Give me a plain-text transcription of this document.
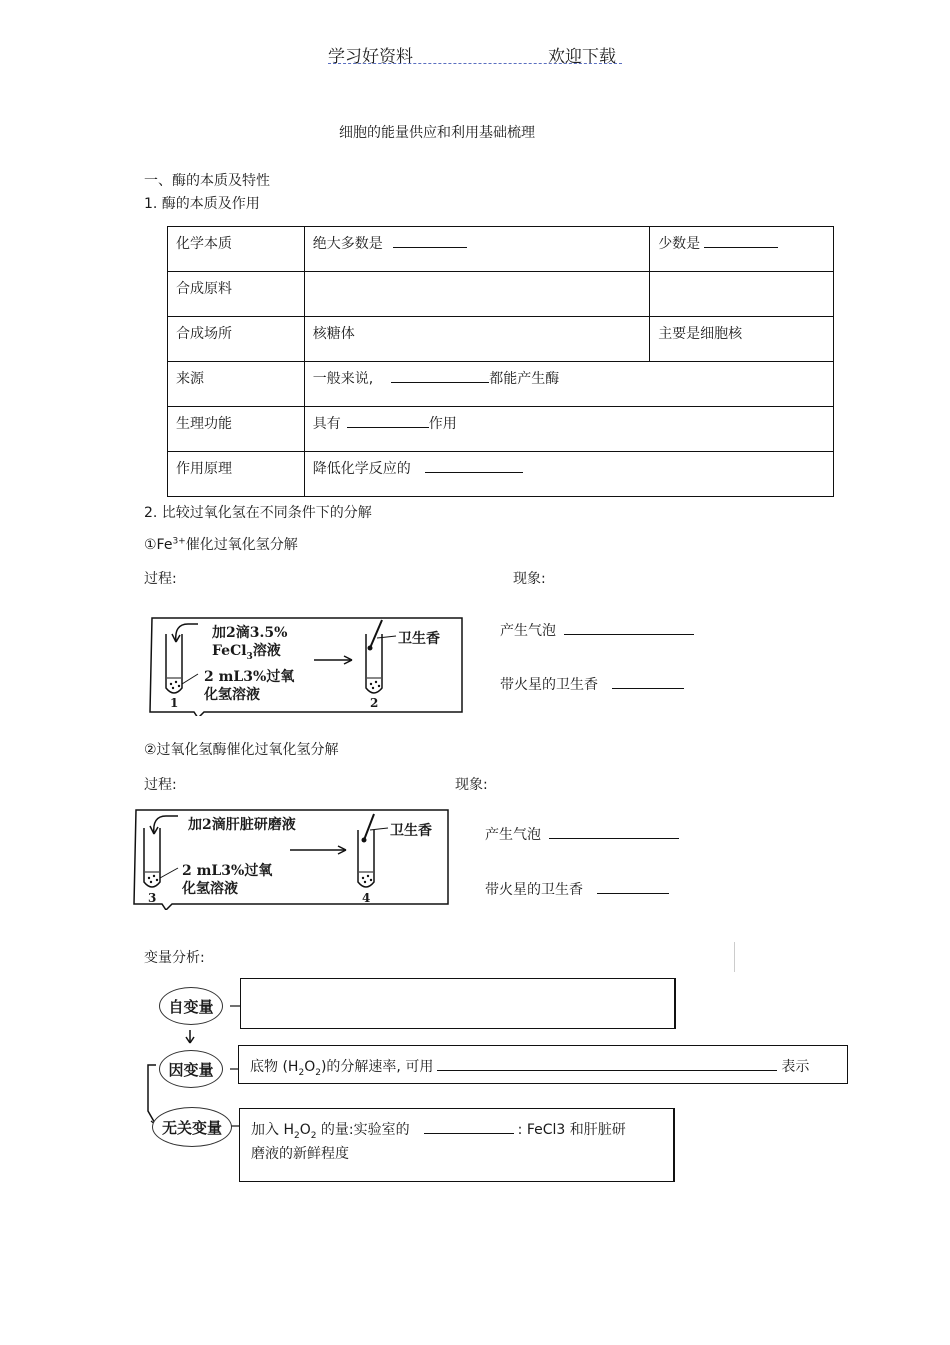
学习好资料	欢迎下载
细胞的能量供应和利用基础梳理
一、酶的本质及特性
1. 酶的本质及作用
化学本质	绝大多数是	少数是
合成原料		
合成场所	核糖体	主要是细胞核
来源	一般来说, 都能产生酶	
生理功能	具有 作用	
作用原理	降低化学反应的	
2. 比较过氧化氢在不同条件下的分解
$①Fe^{3+}$催化过氧化氢分解
过程:	现象:
加2滴3.5%
FeCl$_3$溶液
2 mL3%过氧
化氢溶液
1	2
卫生香	产生气泡
带火星的卫生香
②过氧化氢酶催化过氧化氢分解
过程:	现象:
加2滴肝脏研磨液
2 mL3%过氧
化氢溶液
3	4
卫生香	产生气泡
带火星的卫生香
变量分析:
自变量
因变量
无关变量
底物 $(H_2O_2)$的分解速率, 可用	表示
加入 $H_2O_2$ 的量:实验室的	: FeCl3 和肝脏研
磨液的新鲜程度
